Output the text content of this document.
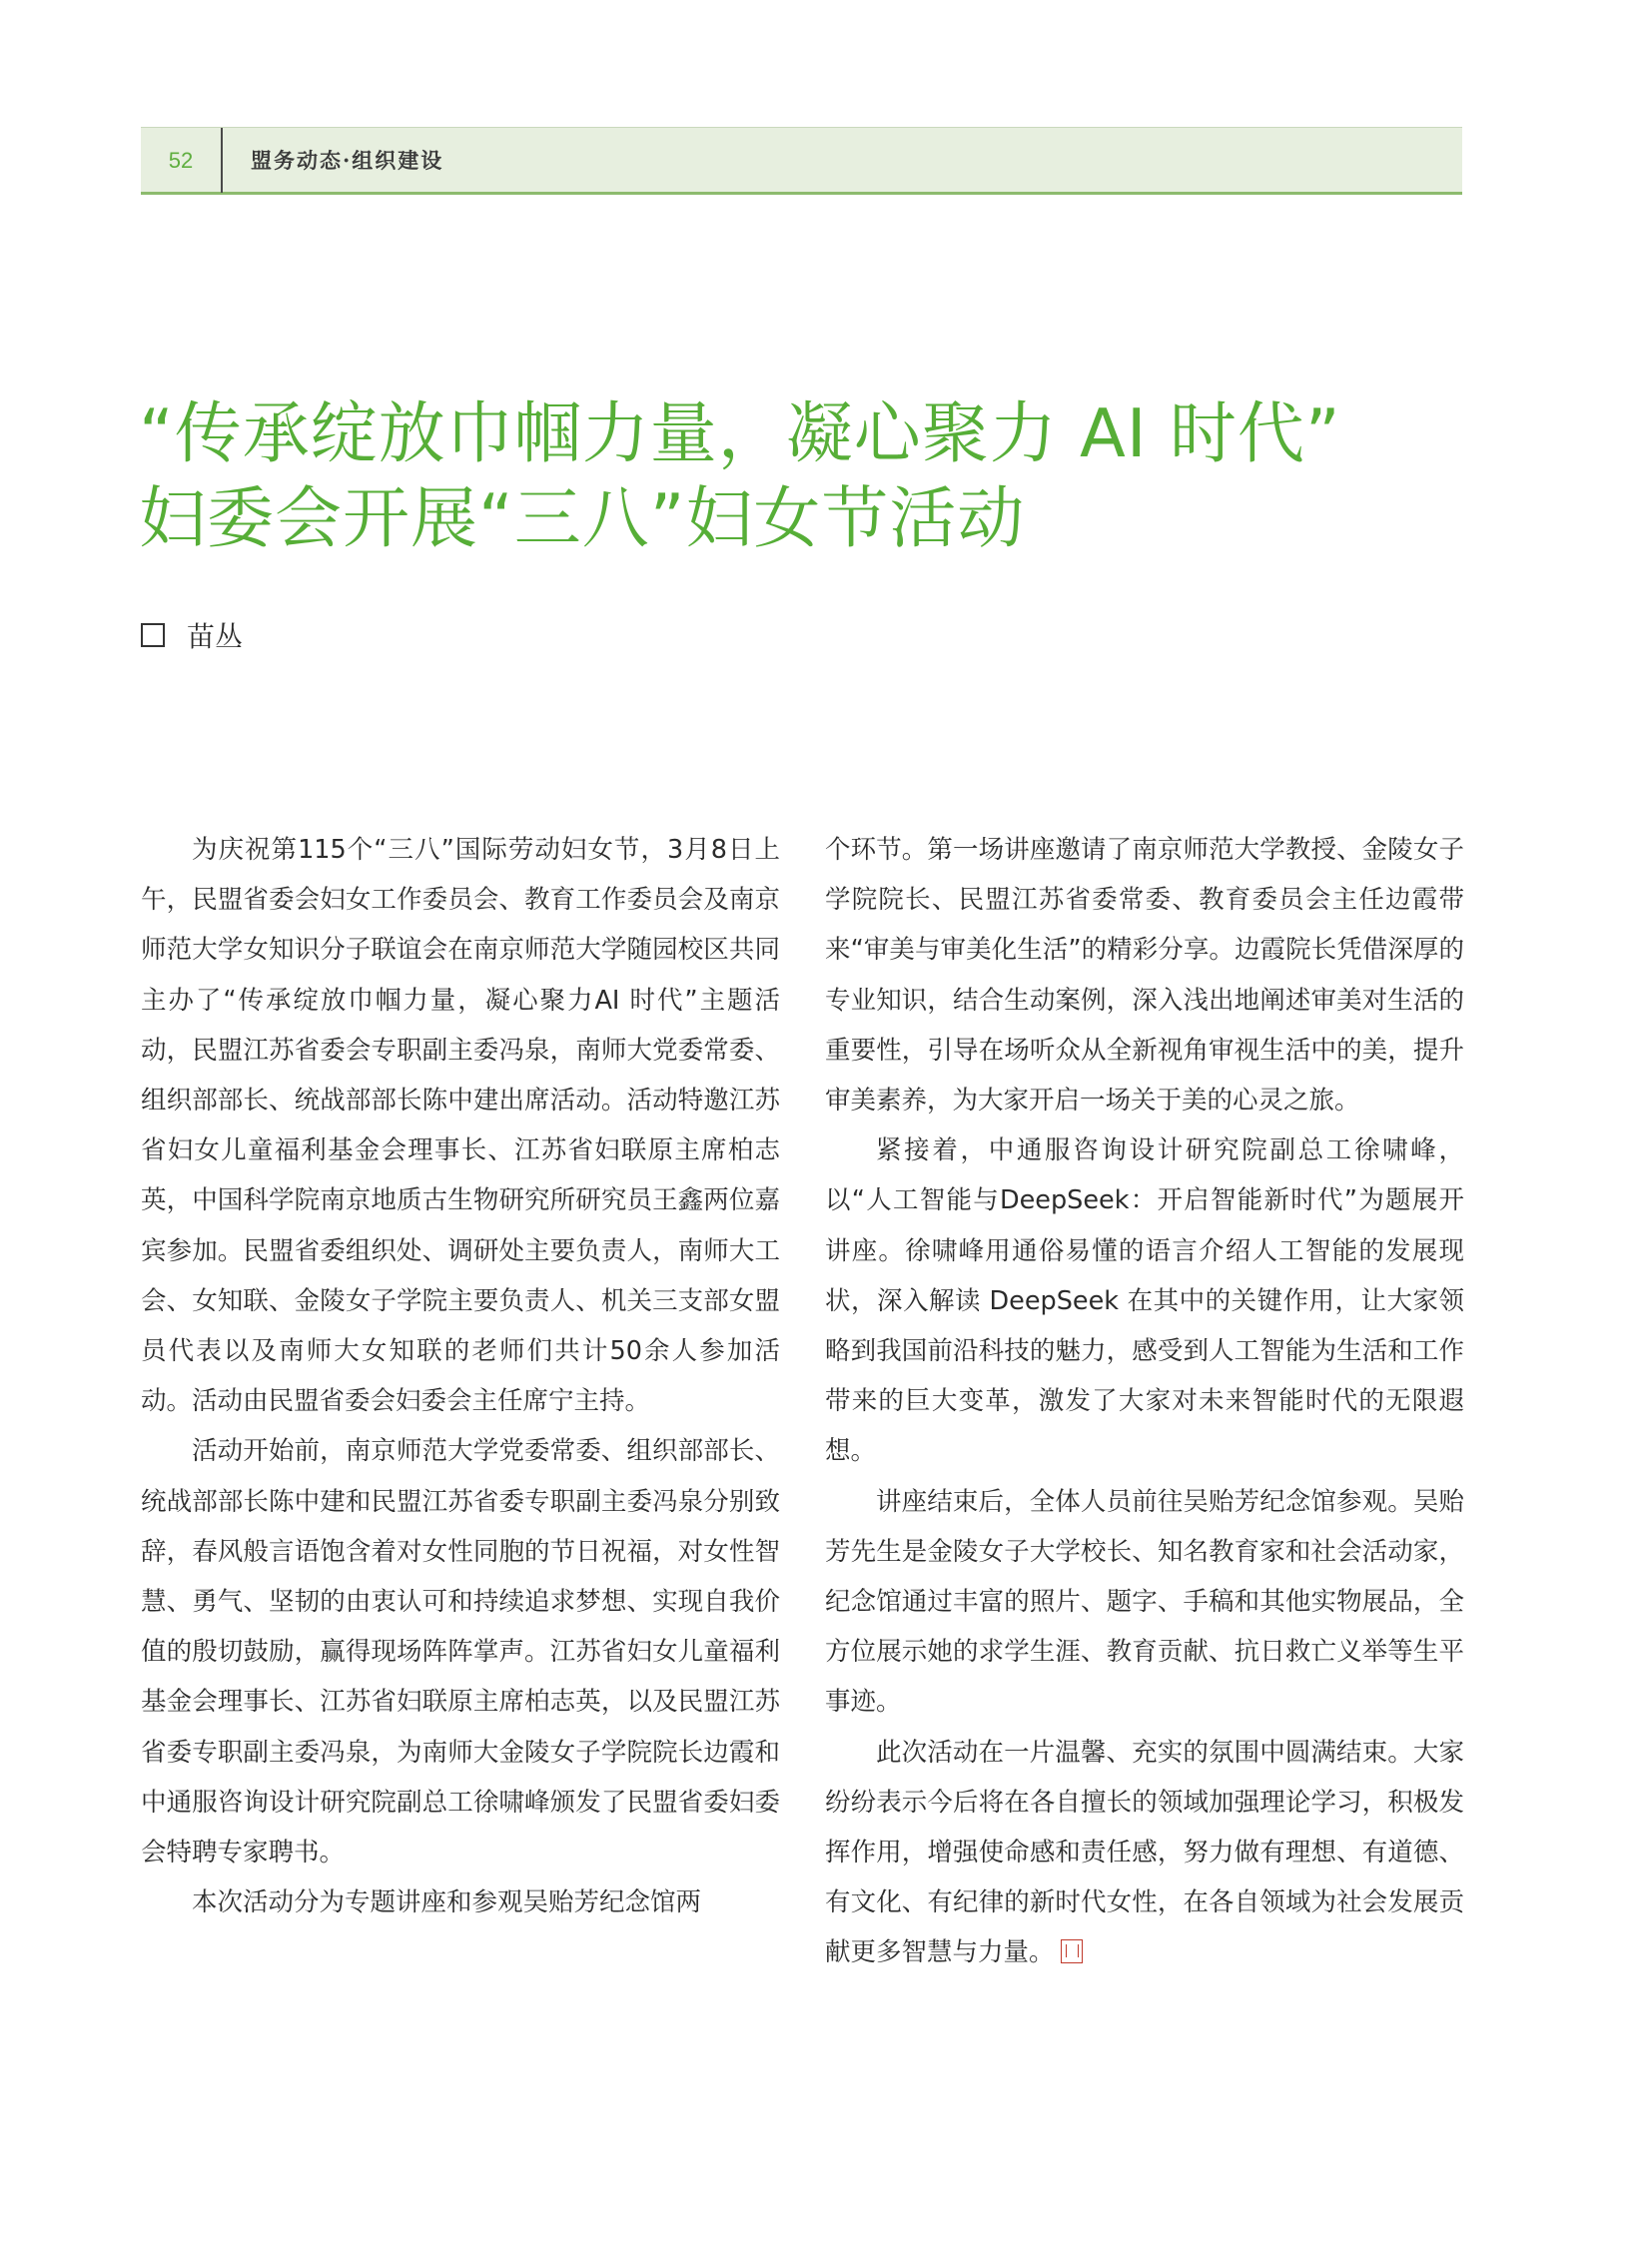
52	盟务动态·组织建设
“传承绽放巾帼力量，凝心聚力 AI 时代”
妇委会开展“三八”妇女节活动
苗丛

为庆祝第115个“三八”国际劳动妇女节，3月8日上午，民盟省委会妇女工作委员会、教育工作委员会及南京师范大学女知识分子联谊会在南京师范大学随园校区共同主办了“传承绽放巾帼力量，凝心聚力AI 时代”主题活动，民盟江苏省委会专职副主委冯泉，南师大党委常委、组织部部长、统战部部长陈中建出席活动。活动特邀江苏省妇女儿童福利基金会理事长、江苏省妇联原主席柏志英，中国科学院南京地质古生物研究所研究员王鑫两位嘉宾参加。民盟省委组织处、调研处主要负责人，南师大工会、女知联、金陵女子学院主要负责人、机关三支部女盟员代表以及南师大女知联的老师们共计50余人参加活动。活动由民盟省委会妇委会主任席宁主持。

活动开始前，南京师范大学党委常委、组织部部长、统战部部长陈中建和民盟江苏省委专职副主委冯泉分别致辞，春风般言语饱含着对女性同胞的节日祝福，对女性智慧、勇气、坚韧的由衷认可和持续追求梦想、实现自我价值的殷切鼓励，赢得现场阵阵掌声。江苏省妇女儿童福利基金会理事长、江苏省妇联原主席柏志英，以及民盟江苏省委专职副主委冯泉，为南师大金陵女子学院院长边霞和中通服咨询设计研究院副总工徐啸峰颁发了民盟省委妇委会特聘专家聘书。

本次活动分为专题讲座和参观吴贻芳纪念馆两

个环节。第一场讲座邀请了南京师范大学教授、金陵女子学院院长、民盟江苏省委常委、教育委员会主任边霞带来“审美与审美化生活”的精彩分享。边霞院长凭借深厚的专业知识，结合生动案例，深入浅出地阐述审美对生活的重要性，引导在场听众从全新视角审视生活中的美，提升审美素养，为大家开启一场关于美的心灵之旅。

紧接着，中通服咨询设计研究院副总工徐啸峰，以“人工智能与DeepSeek：开启智能新时代”为题展开讲座。徐啸峰用通俗易懂的语言介绍人工智能的发展现状，深入解读 DeepSeek 在其中的关键作用，让大家领略到我国前沿科技的魅力，感受到人工智能为生活和工作带来的巨大变革，激发了大家对未来智能时代的无限遐想。

讲座结束后，全体人员前往吴贻芳纪念馆参观。吴贻芳先生是金陵女子大学校长、知名教育家和社会活动家，纪念馆通过丰富的照片、题字、手稿和其他实物展品，全方位展示她的求学生涯、教育贡献、抗日救亡义举等生平事迹。

此次活动在一片温馨、充实的氛围中圆满结束。大家纷纷表示今后将在各自擅长的领域加强理论学习，积极发挥作用，增强使命感和责任感，努力做有理想、有道德、有文化、有纪律的新时代女性，在各自领域为社会发展贡献更多智慧与力量。
